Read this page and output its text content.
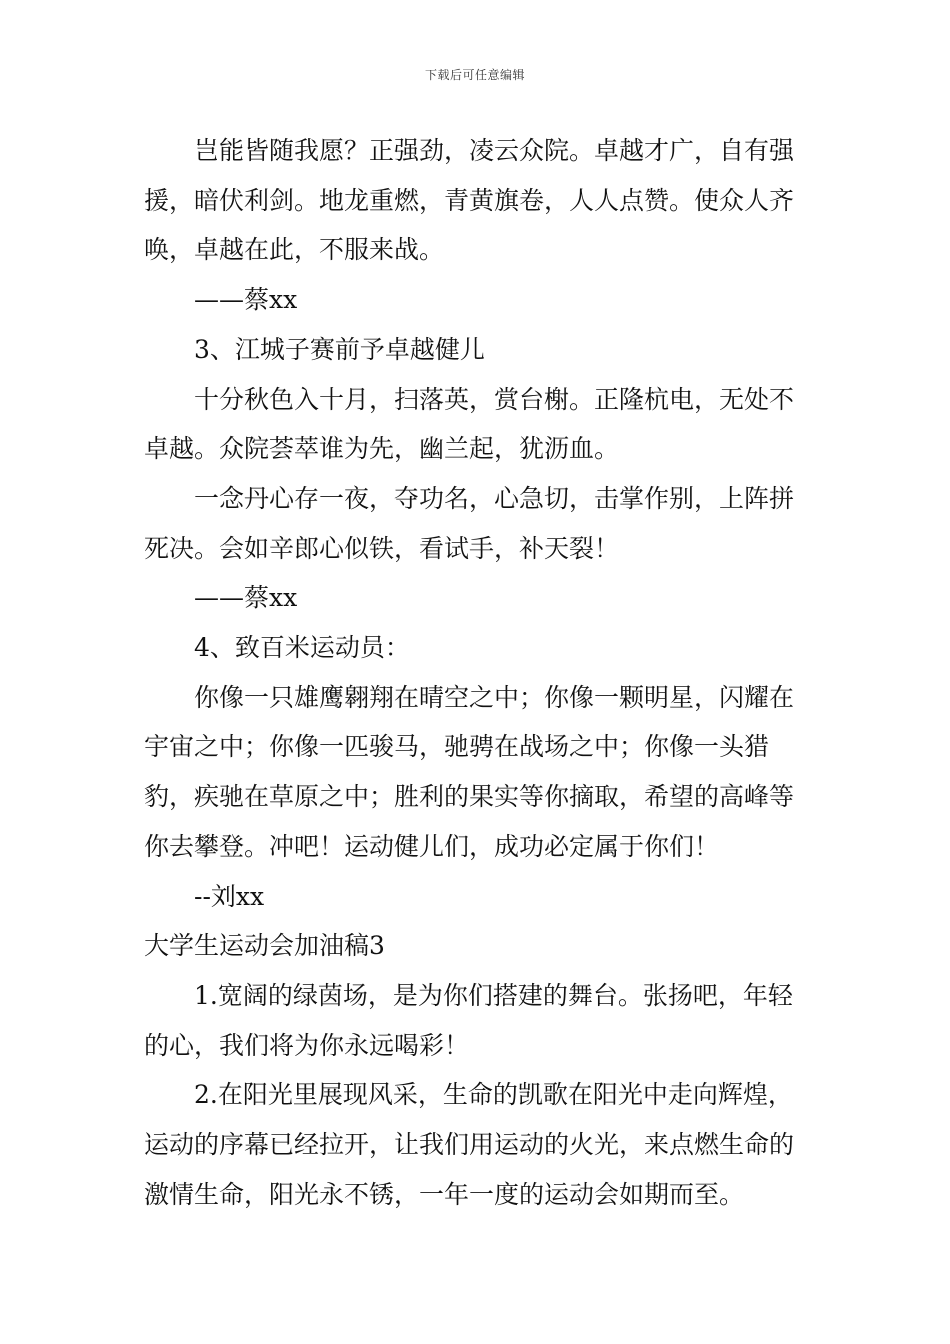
下载后可任意编辑

岂能皆随我愿？正强劲，凌云众院。卓越才广，自有强援，暗伏利剑。地龙重燃，青黄旗卷，人人点赞。使众人齐唤，卓越在此，不服来战。

——蔡xx

3、江城子赛前予卓越健儿

十分秋色入十月，扫落英，赏台榭。正隆杭电，无处不卓越。众院荟萃谁为先，幽兰起，犹沥血。

一念丹心存一夜，夺功名，心急切，击掌作别，上阵拼死决。会如辛郎心似铁，看试手，补天裂！

——蔡xx

4、致百米运动员：

你像一只雄鹰翱翔在晴空之中；你像一颗明星，闪耀在宇宙之中；你像一匹骏马，驰骋在战场之中；你像一头猎豹，疾驰在草原之中；胜利的果实等你摘取，希望的高峰等你去攀登。冲吧！运动健儿们，成功必定属于你们！

--刘xx

大学生运动会加油稿3

1.宽阔的绿茵场，是为你们搭建的舞台。张扬吧，年轻的心，我们将为你永远喝彩！

2.在阳光里展现风采，生命的凯歌在阳光中走向辉煌，运动的序幕已经拉开，让我们用运动的火光，来点燃生命的激情生命，阳光永不锈，一年一度的运动会如期而至。
